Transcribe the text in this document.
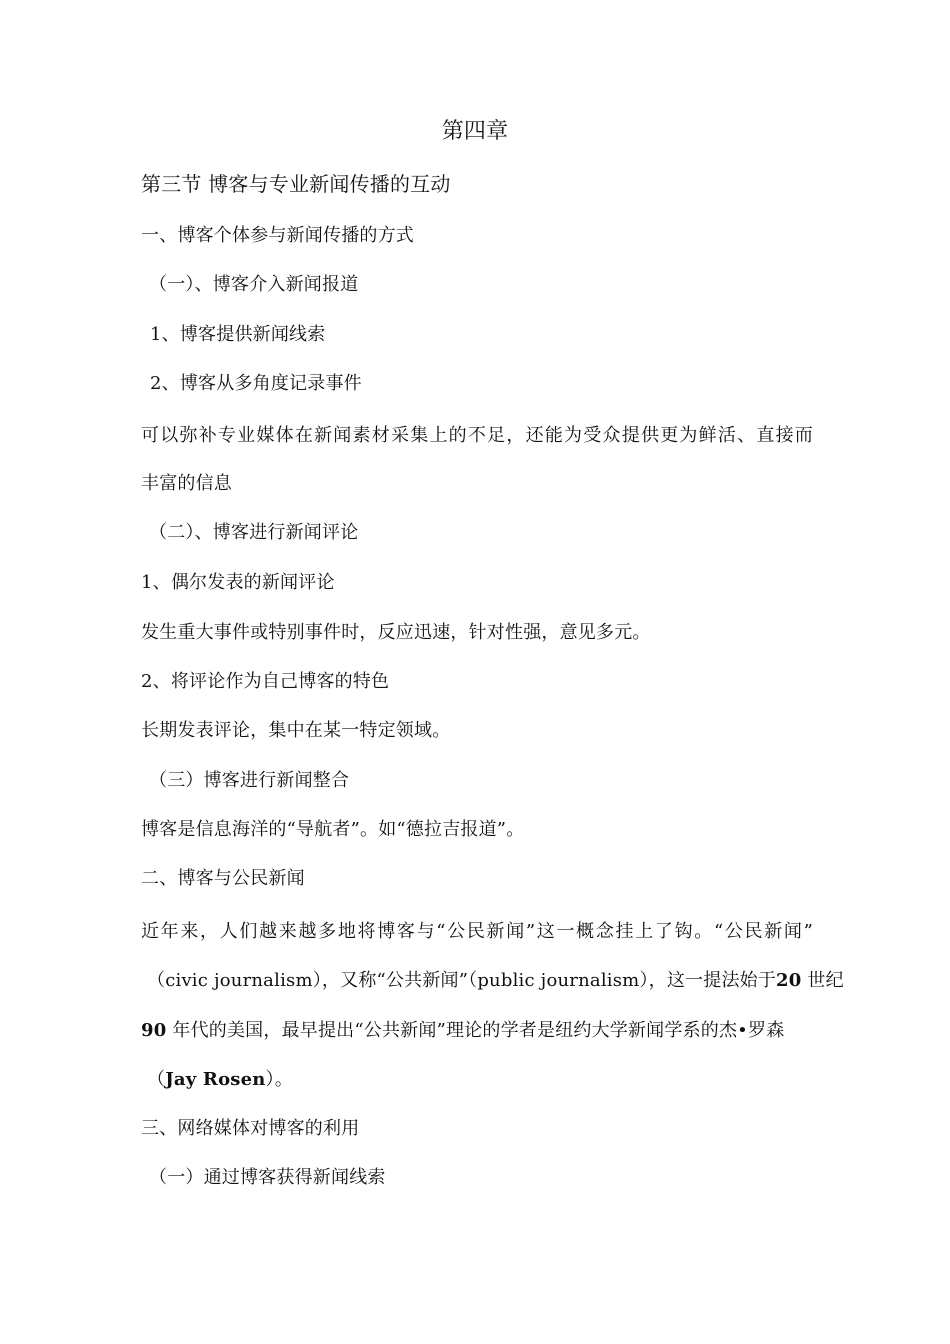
第四章
第三节 博客与专业新闻传播的互动
一、博客个体参与新闻传播的方式
（一）、博客介入新闻报道
1、博客提供新闻线索
2、博客从多角度记录事件
可以弥补专业媒体在新闻素材采集上的不足，还能为受众提供更为鲜活、直接而
丰富的信息
（二）、博客进行新闻评论
1、偶尔发表的新闻评论
发生重大事件或特别事件时，反应迅速，针对性强，意见多元。
2、将评论作为自己博客的特色
长期发表评论，集中在某一特定领域。
（三）博客进行新闻整合
博客是信息海洋的“导航者”。如“德拉吉报道”。
二、博客与公民新闻
近年来，人们越来越多地将博客与“公民新闻”这一概念挂上了钩。“公民新闻”
（civic journalism），又称“公共新闻”（public journalism），这一提法始于20 世纪
90 年代的美国，最早提出“公共新闻”理论的学者是纽约大学新闻学系的杰•罗森
（Jay Rosen）。
三、网络媒体对博客的利用
（一）通过博客获得新闻线索
